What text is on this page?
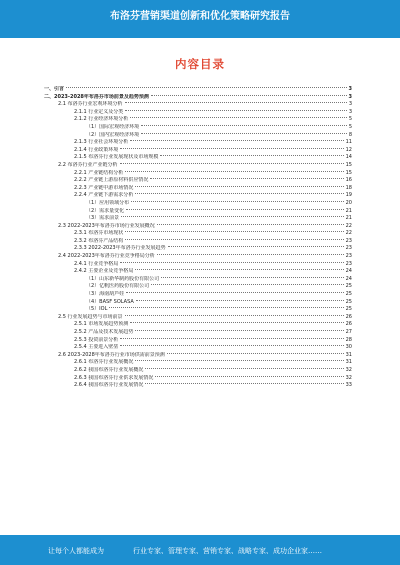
布洛芬营销渠道创新和优化策略研究报告
内容目录
一、引言	3
二、2023-2028年布洛芬市场前景及趋势预测	3
2.1 布洛芬行业宏观环境分析	3
2.1.1 行业定义及分类	3
2.1.2 行业经济环境分析	5
（1）国际宏观经济环境	5
（2）国内宏观经济环境	8
2.1.3 行业社会环境分析	11
2.1.4 行业政策环境	12
2.1.5 布洛芬行业发展现状及市场规模	14
2.2 布洛芬行业产业链分析	15
2.2.1 产业链结构分析	15
2.2.2 产业链上游原材料供应情况	16
2.2.3 产业链中游市场情况	18
2.2.4 产业链下游需求分析	19
（1）应用领域分布	20
（2）需求量变化	21
（3）需求前景	21
2.3 2022-2023年布洛芬市场行业发展概况	22
2.3.1 布洛芬市场现状	22
2.3.2 布洛芬产品结构	23
2.3.3 2022-2023年布洛芬行业发展趋势	23
2.4 2022-2023年布洛芬行业竞争格局分析	23
2.4.1 行业竞争格局	23
2.4.2 主要企业及竞争格局	24
（1）山东新华制药股份有限公司	24
（2）亿帆医药股份有限公司	25
（3）海南葫芦娃	25
（4）BASF SOLASA	25
（5）IOL	25
2.5 行业发展趋势与市场前景	26
2.5.1 市场发展趋势预测	26
2.5.2 产品及技术发展趋势	27
2.5.3 投资前景分析	28
2.5.4 主要进入壁垒	30
2.6 2023-2028年布洛芬行业市场供需前景预测	31
2.6.1 布洛芬行业发展概况	31
2.6.2 我国布洛芬行业发展概况	32
2.6.3 我国布洛芬行业供求发展情况	32
2.6.4 我国布洛芬行业发展情况	33
让每个人都能成为	行业专家、管理专家、营销专家、战略专家、成功企业家……
